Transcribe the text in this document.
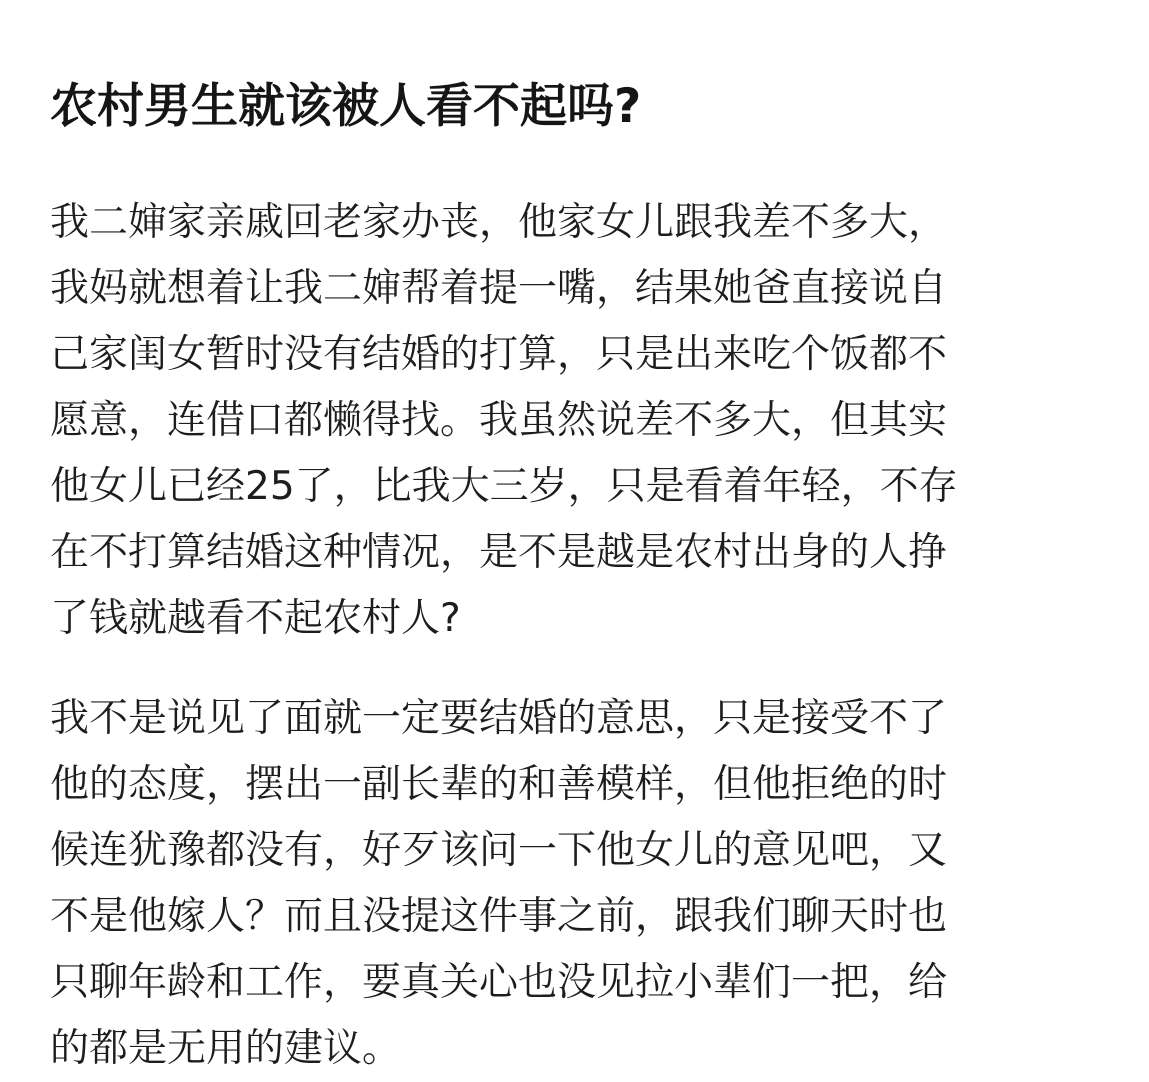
农村男生就该被人看不起吗?
我二婶家亲戚回老家办丧，他家女儿跟我差不多大，
我妈就想着让我二婶帮着提一嘴，结果她爸直接说自
己家闺女暂时没有结婚的打算，只是出来吃个饭都不
愿意，连借口都懒得找。我虽然说差不多大，但其实
他女儿已经25了，比我大三岁，只是看着年轻，不存
在不打算结婚这种情况，是不是越是农村出身的人挣
了钱就越看不起农村人?
我不是说见了面就一定要结婚的意思，只是接受不了
他的态度，摆出一副长辈的和善模样，但他拒绝的时
候连犹豫都没有，好歹该问一下他女儿的意见吧，又
不是他嫁人？而且没提这件事之前，跟我们聊天时也
只聊年龄和工作，要真关心也没见拉小辈们一把，给
的都是无用的建议。
